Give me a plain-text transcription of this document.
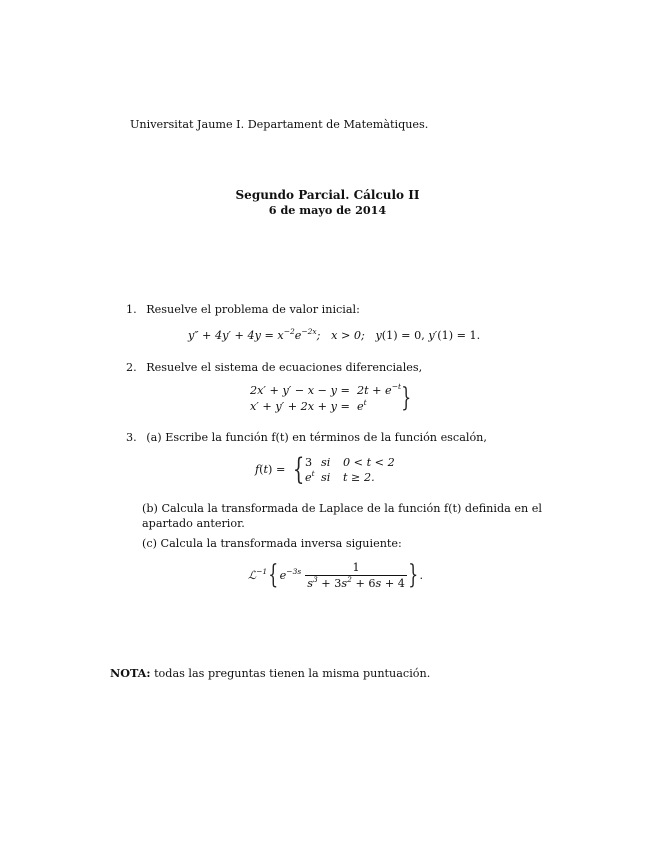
Universitat Jaume I. Departament de Matemàtiques.
Segundo Parcial. Cálculo II
6 de mayo de 2014
1. Resuelve el problema de valor inicial:
$y'' + 4y' + 4y = x^{-2}e^{-2x}$;   x > 0;   y(1) = 0, y′(1) = 1.
2. Resuelve el sistema de ecuaciones diferenciales,
$2x' + y' - x - y = 2t + e^{-t}$
$x' + y' + 2x + y = e^t$	}
3. (a) Escribe la función f(t) en términos de la función escalón,
f(t) = { 3 si 0 < t < 2
$e^t$ si t ≥ 2.
(b) Calcula la transformada de Laplace de la función f(t) definida en el
apartado anterior.
(c) Calcula la transformada inversa siguiente:
ℒ$^{-1}$ { $e^{-3s} \frac{1}{s^3 + 3s^2 + 6s + 4}$ } .
NOTA: todas las preguntas tienen la misma puntuación.
